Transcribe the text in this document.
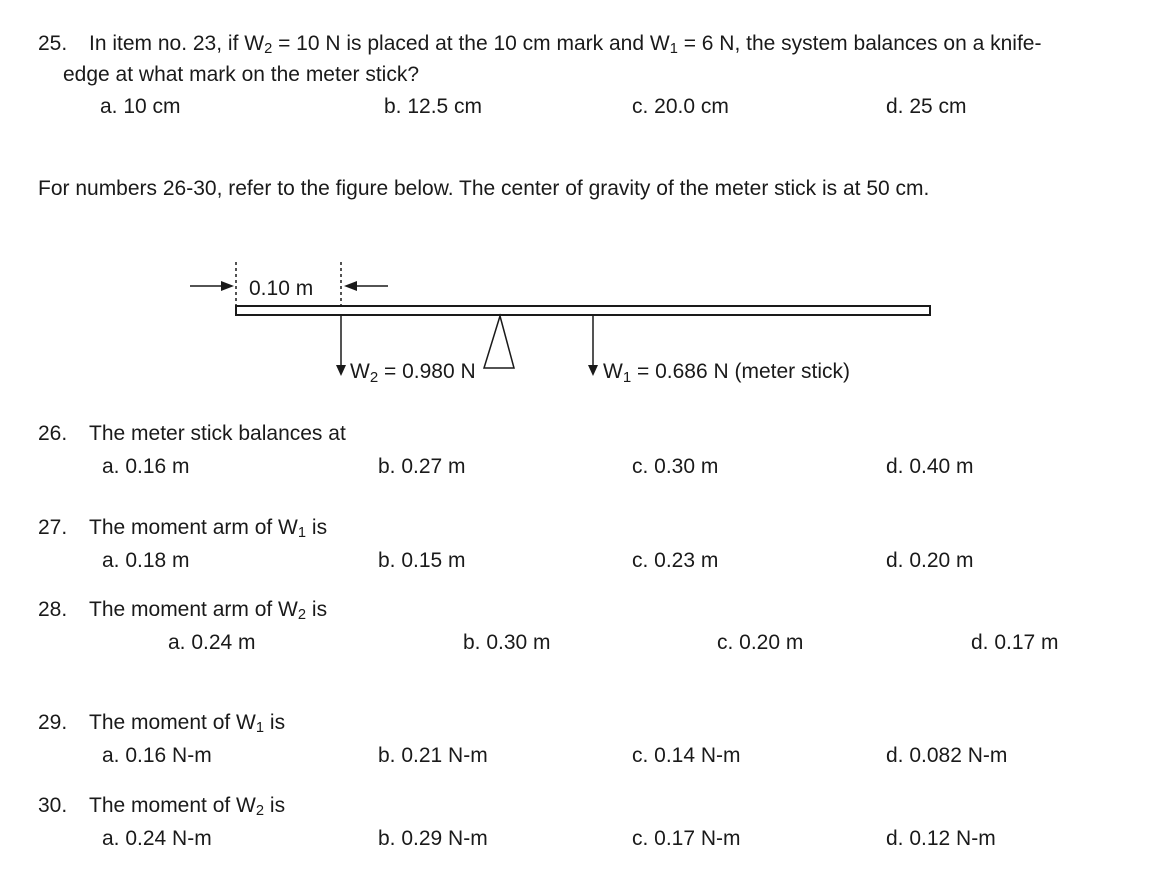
25. In item no. 23, if $W_2 = 10$ N is placed at the 10 cm mark and $W_1 = 6$ N, the system balances on a knife-
edge at what mark on the meter stick?
a. 10 cm	b. 12.5 cm	c. 20.0 cm	d. 25 cm
For numbers 26-30, refer to the figure below. The center of gravity of the meter stick is at 50 cm.
0.10 m
W2 = 0.980 N	W1 = 0.686 N (meter stick)
26. The meter stick balances at
a. 0.16 m	b. 0.27 m	c. 0.30 m	d. 0.40 m
27. The moment arm of $W_1$ is
a. 0.18 m	b. 0.15 m	c. 0.23 m	d. 0.20 m
28. The moment arm of $W_2$ is
a. 0.24 m	b. 0.30 m	c. 0.20 m	d. 0.17 m
29. The moment of $W_1$ is
a. 0.16 N-m	b. 0.21 N-m	c. 0.14 N-m	d. 0.082 N-m
30. The moment of $W_2$ is
a. 0.24 N-m	b. 0.29 N-m	c. 0.17 N-m	d. 0.12 N-m
